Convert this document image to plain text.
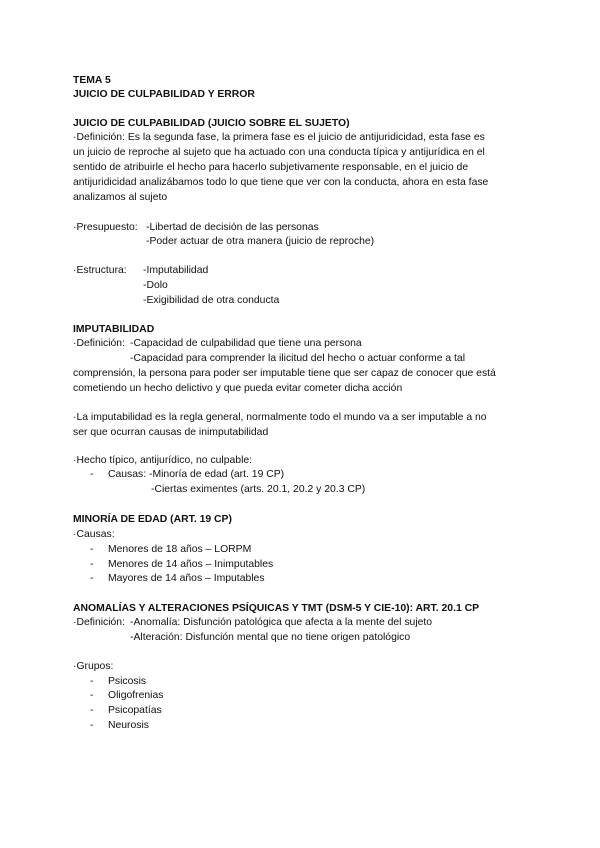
TEMA 5
JUICIO DE CULPABILIDAD Y ERROR
JUICIO DE CULPABILIDAD (JUICIO SOBRE EL SUJETO)
·Definición: Es la segunda fase, la primera fase es el juicio de antijuridicidad, esta fase es
un juicio de reproche al sujeto que ha actuado con una conducta típica y antijurídica en el
sentido de atribuirle el hecho para hacerlo subjetivamente responsable, en el juicio de
antijuridicidad analizábamos todo lo que tiene que ver con la conducta, ahora en esta fase
analizamos al sujeto
·Presupuesto: -Libertad de decisión de las personas
-Poder actuar de otra manera (juicio de reproche)
·Estructura: -Imputabilidad
-Dolo
-Exigibilidad de otra conducta
IMPUTABILIDAD
·Definición: -Capacidad de culpabilidad que tiene una persona
-Capacidad para comprender la ilicitud del hecho o actuar conforme a tal
comprensión, la persona para poder ser imputable tiene que ser capaz de conocer que está
cometiendo un hecho delictivo y que pueda evitar cometer dicha acción
·La imputabilidad es la regla general, normalmente todo el mundo va a ser imputable a no
ser que ocurran causas de inimputabilidad
·Hecho típico, antijurídico, no culpable:
- Causas: -Minoría de edad (art. 19 CP)
-Ciertas eximentes (arts. 20.1, 20.2 y 20.3 CP)
MINORÍA DE EDAD (ART. 19 CP)
·Causas:
- Menores de 18 años – LORPM
- Menores de 14 años – Inimputables
- Mayores de 14 años – Imputables
ANOMALÍAS Y ALTERACIONES PSÍQUICAS Y TMT (DSM-5 Y CIE-10): ART. 20.1 CP
·Definición: -Anomalía: Disfunción patológica que afecta a la mente del sujeto
-Alteración: Disfunción mental que no tiene origen patológico
·Grupos:
- Psicosis
- Oligofrenias
- Psicopatías
- Neurosis
